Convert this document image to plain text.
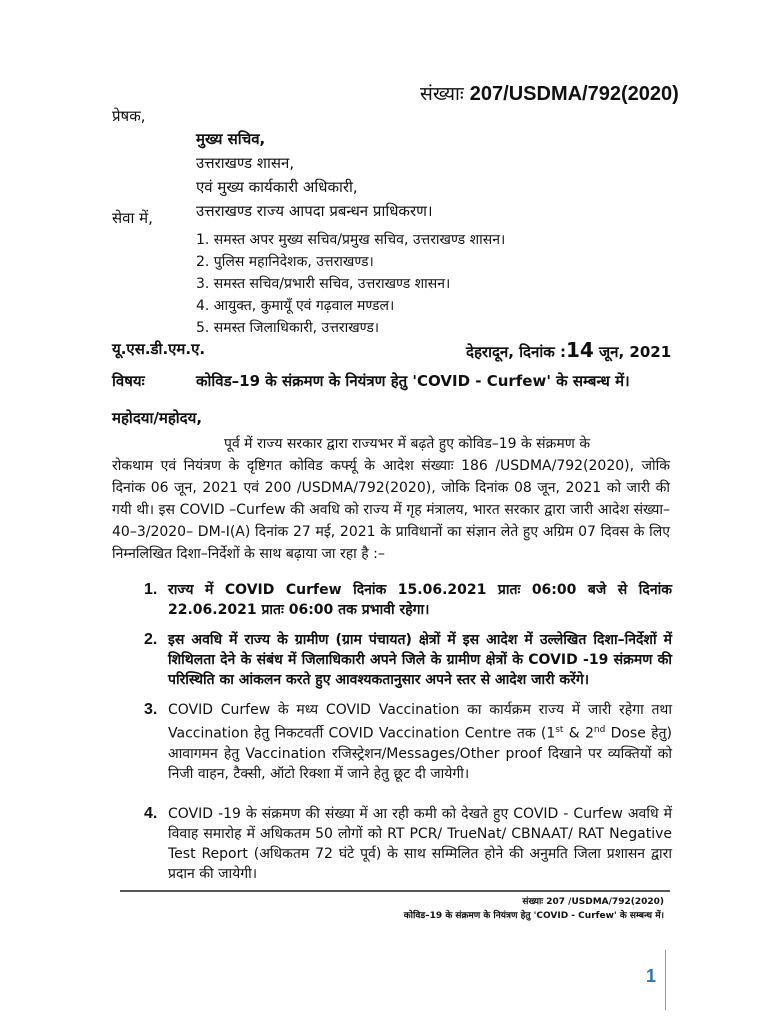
संख्याः 207/USDMA/792(2020)
प्रेषक,
मुख्य सचिव,
उत्तराखण्ड शासन,
एवं मुख्य कार्यकारी अधिकारी,
उत्तराखण्ड राज्य आपदा प्रबन्धन प्राधिकरण।
सेवा में,
1. समस्त अपर मुख्य सचिव/प्रमुख सचिव, उत्तराखण्ड शासन।
2. पुलिस महानिदेशक, उत्तराखण्ड।
3. समस्त सचिव/प्रभारी सचिव, उत्तराखण्ड शासन।
4. आयुक्त, कुमायूँ एवं गढ़वाल मण्डल।
5. समस्त जिलाधिकारी, उत्तराखण्ड।
यू.एस.डी.एम.ए.	देहरादून, दिनांक :14 जून, 2021
विषयः	कोविड–19 के संक्रमण के नियंत्रण हेतु 'COVID - Curfew' के सम्बन्ध में।
महोदया/महोदय,
पूर्व में राज्य सरकार द्वारा राज्यभर में बढ़ते हुए कोविड–19 के संक्रमण के
रोकथाम एवं नियंत्रण के दृष्टिगत कोविड कर्फ्यू के आदेश संख्याः 186 /USDMA/792(2020), जोकि दिनांक 06 जून, 2021 एवं 200 /USDMA/792(2020), जोकि दिनांक 08 जून, 2021 को जारी की गयी थी। इस COVID –Curfew की अवधि को राज्य में गृह मंत्रालय, भारत सरकार द्वारा जारी आदेश संख्या–40–3/2020– DM-I(A) दिनांक 27 मई, 2021 के प्राविधानों का संज्ञान लेते हुए अग्रिम 07 दिवस के लिए निम्नलिखित दिशा–निर्देशों के साथ बढ़ाया जा रहा है :–
1. राज्य में COVID Curfew दिनांक 15.06.2021 प्रातः 06:00 बजे से दिनांक 22.06.2021 प्रातः 06:00 तक प्रभावी रहेगा।
2. इस अवधि में राज्य के ग्रामीण (ग्राम पंचायत) क्षेत्रों में इस आदेश में उल्लेखित दिशा–निर्देशों में शिथिलता देने के संबंध में जिलाधिकारी अपने जिले के ग्रामीण क्षेत्रों के COVID -19 संक्रमण की परिस्थिति का आंकलन करते हुए आवश्यकतानुसार अपने स्तर से आदेश जारी करेंगे।
3. COVID Curfew के मध्य COVID Vaccination का कार्यक्रम राज्य में जारी रहेगा तथा Vaccination हेतु निकटवर्ती COVID Vaccination Centre तक (1st & 2nd Dose हेतु) आवागमन हेतु Vaccination रजिस्ट्रेशन/Messages/Other proof दिखाने पर व्यक्तियों को निजी वाहन, टैक्सी, ऑटो रिक्शा में जाने हेतु छूट दी जायेगी।
4. COVID -19 के संक्रमण की संख्या में आ रही कमी को देखते हुए COVID - Curfew अवधि में विवाह समारोह में अधिकतम 50 लोगों को RT PCR/ TrueNat/ CBNAAT/ RAT Negative Test Report (अधिकतम 72 घंटे पूर्व) के साथ सम्मिलित होने की अनुमति जिला प्रशासन द्वारा प्रदान की जायेगी।
संख्याः 207 /USDMA/792(2020)
कोविड–19 के संक्रमण के नियंत्रण हेतु 'COVID - Curfew' के सम्बन्ध में।
1
